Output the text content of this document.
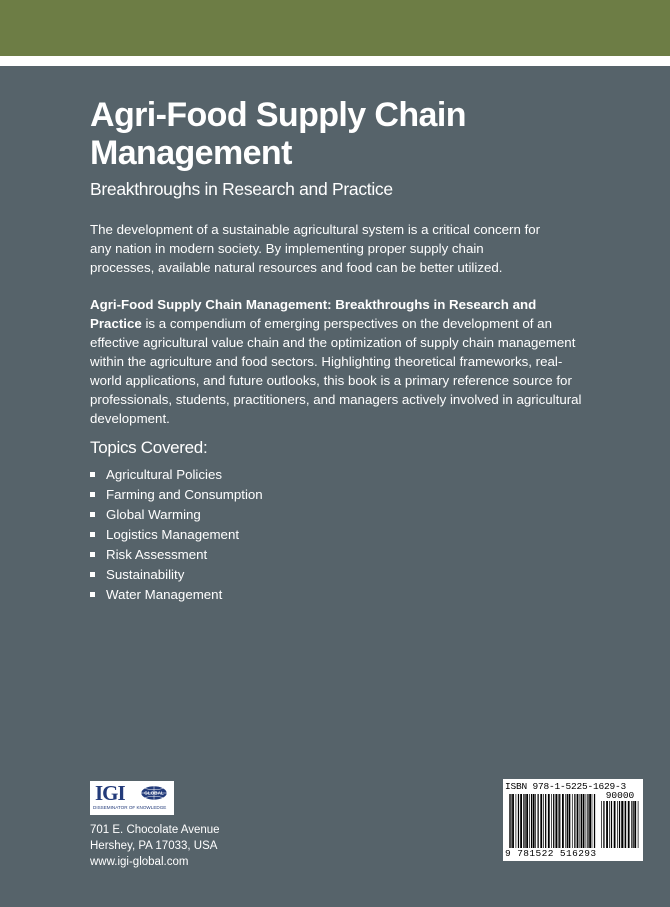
Agri-Food Supply Chain Management
Breakthroughs in Research and Practice

The development of a sustainable agricultural system is a critical concern for any nation in modern society. By implementing proper supply chain processes, available natural resources and food can be better utilized.

Agri-Food Supply Chain Management: Breakthroughs in Research and Practice is a compendium of emerging perspectives on the development of an effective agricultural value chain and the optimization of supply chain management within the agriculture and food sectors. Highlighting theoretical frameworks, real-world applications, and future outlooks, this book is a primary reference source for professionals, students, practitioners, and managers actively involved in agricultural development.

Topics Covered:
Agricultural Policies
Farming and Consumption
Global Warming
Logistics Management
Risk Assessment
Sustainability
Water Management
IGI	GLOBAL
DISSEMINATOR OF KNOWLEDGE
701 E. Chocolate Avenue
Hershey, PA 17033, USA
www.igi-global.com
ISBN 978-1-5225-1629-3
90000
9 781522 516293
